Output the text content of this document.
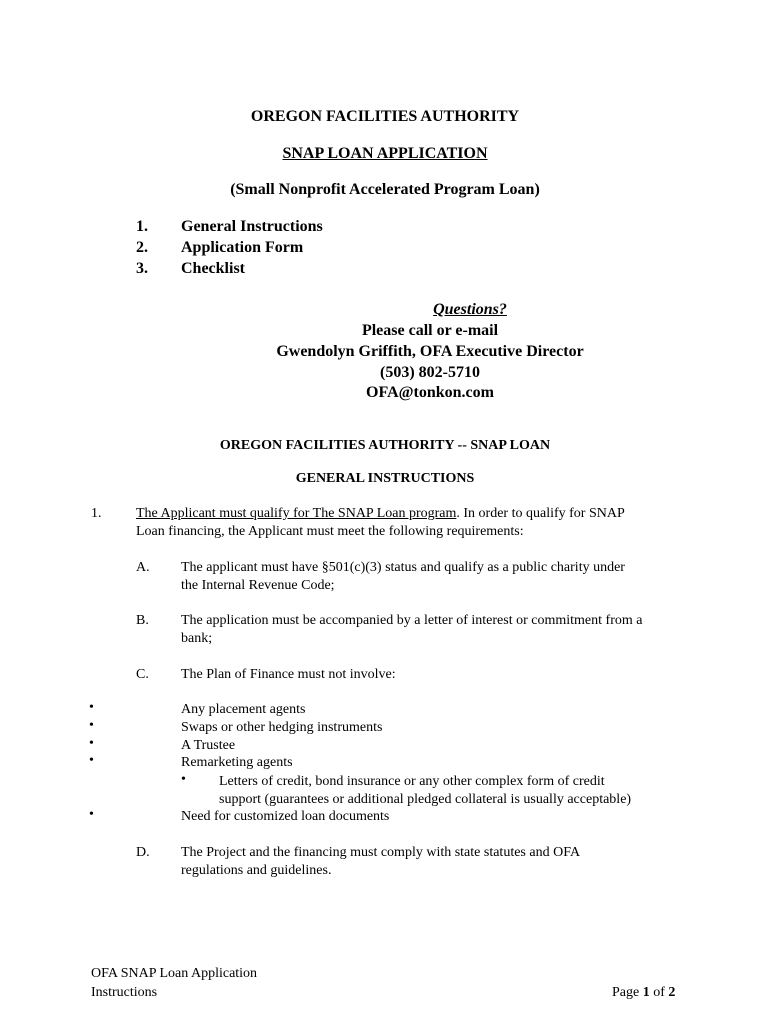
OREGON FACILITIES AUTHORITY
SNAP LOAN APPLICATION
(Small Nonprofit Accelerated Program Loan)
1. General Instructions
2. Application Form
3. Checklist
Questions?
Please call or e-mail
Gwendolyn Griffith, OFA Executive Director
(503) 802-5710
OFA@tonkon.com
OREGON FACILITIES AUTHORITY -- SNAP LOAN
GENERAL INSTRUCTIONS
1. The Applicant must qualify for The SNAP Loan program. In order to qualify for SNAP
Loan financing, the Applicant must meet the following requirements:
A. The applicant must have §501(c)(3) status and qualify as a public charity under
the Internal Revenue Code;
B. The application must be accompanied by a letter of interest or commitment from a
bank;
C. The Plan of Finance must not involve:
•	Any placement agents
•	Swaps or other hedging instruments
•	A Trustee
•	Remarketing agents
• Letters of credit, bond insurance or any other complex form of credit
support (guarantees or additional pledged collateral is usually acceptable)
•	Need for customized loan documents
D. The Project and the financing must comply with state statutes and OFA
regulations and guidelines.
OFA SNAP Loan Application
Instructions	Page 1 of 2
